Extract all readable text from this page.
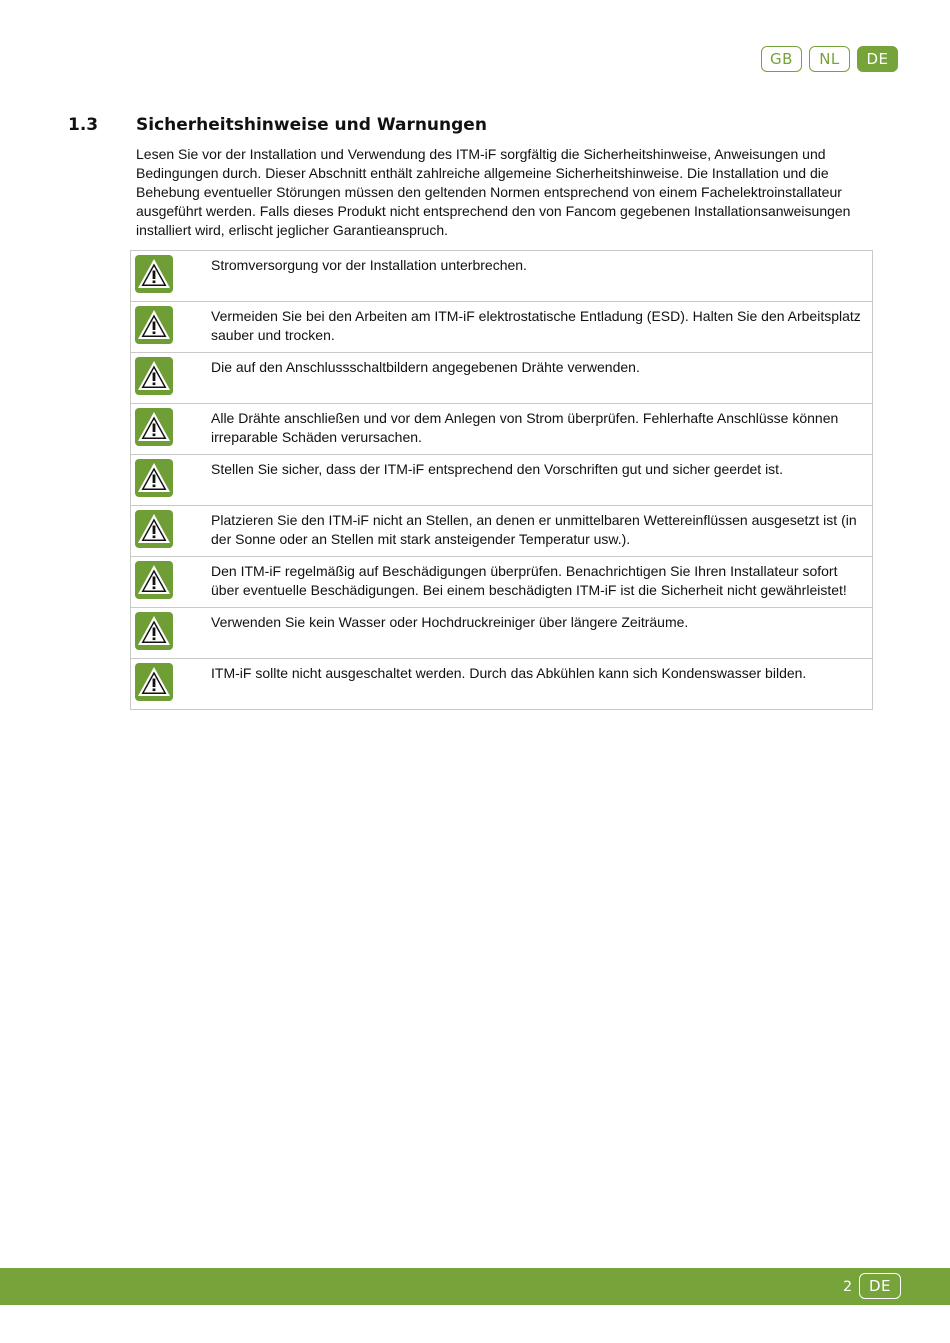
GB	NL	DE
1.3 Sicherheitshinweise und Warnungen

Lesen Sie vor der Installation und Verwendung des ITM-iF sorgfältig die Sicherheitshinweise, Anweisungen und Bedingungen durch. Dieser Abschnitt enthält zahlreiche allgemeine Sicherheitshinweise. Die Installation und die Behebung eventueller Störungen müssen den geltenden Normen entsprechend von einem Fachelektroinstallateur ausgeführt werden. Falls dieses Produkt nicht entsprechend den von Fancom gegebenen Installationsanweisungen installiert wird, erlischt jeglicher Garantieanspruch.

	Stromversorgung vor der Installation unterbrechen.

	Vermeiden Sie bei den Arbeiten am ITM-iF elektrostatische Entladung (ESD). Halten Sie den Arbeitsplatz sauber und trocken.

	Die auf den Anschlussschaltbildern angegebenen Drähte verwenden.

	Alle Drähte anschließen und vor dem Anlegen von Strom überprüfen. Fehlerhafte Anschlüsse können irreparable Schäden verursachen.

	Stellen Sie sicher, dass der ITM-iF entsprechend den Vorschriften gut und sicher geerdet ist.

	Platzieren Sie den ITM-iF nicht an Stellen, an denen er unmittelbaren Wettereinflüssen ausgesetzt ist (in der Sonne oder an Stellen mit stark ansteigender Temperatur usw.).

	Den ITM-iF regelmäßig auf Beschädigungen überprüfen. Benachrichtigen Sie Ihren Installateur sofort über eventuelle Beschädigungen. Bei einem beschädigten ITM-iF ist die Sicherheit nicht gewährleistet!

	Verwenden Sie kein Wasser oder Hochdruckreiniger über längere Zeiträume.

	ITM-iF sollte nicht ausgeschaltet werden. Durch das Abkühlen kann sich Kondenswasser bilden.
2	DE
